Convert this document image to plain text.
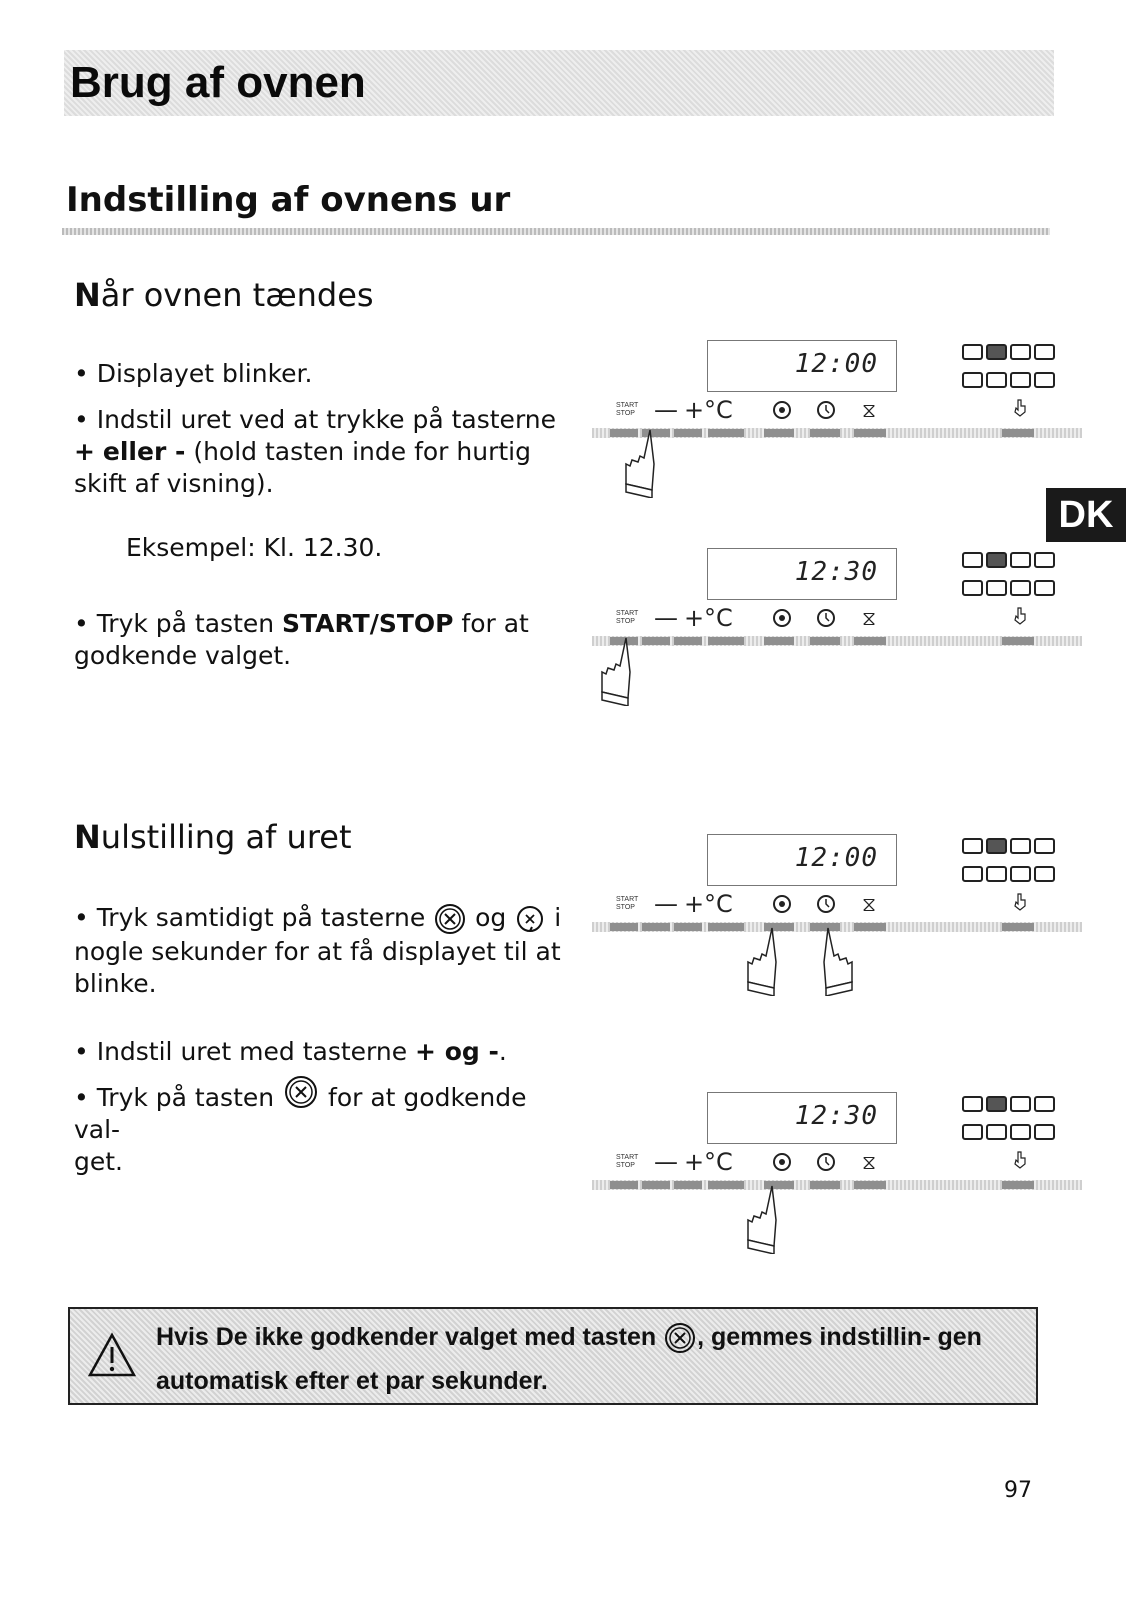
Brug af ovnen
Indstilling af ovnens ur
DK
Når ovnen tændes

• Displayet blinker.

• Indstil uret ved at trykke på tasterne + eller - (hold tasten inde for hurtig skift af visning).

Eksempel: Kl. 12.30.

• Tryk på tasten START/STOP for at godkende valget.

Nulstilling af uret

• Tryk samtidigt på tasterne og i
nogle sekunder for at få displayet til at blinke.

• Indstil uret med tasterne + og -.

• Tryk på tasten for at godkende val-
get.

12:00
START
STOP — + °C	⧖

12:30
START
STOP — + °C	⧖

12:00
START
STOP — + °C	⧖

12:30
START
STOP — + °C	⧖

Hvis De ikke godkender valget med tasten , gemmes indstillin- gen automatisk efter et par sekunder.
97
